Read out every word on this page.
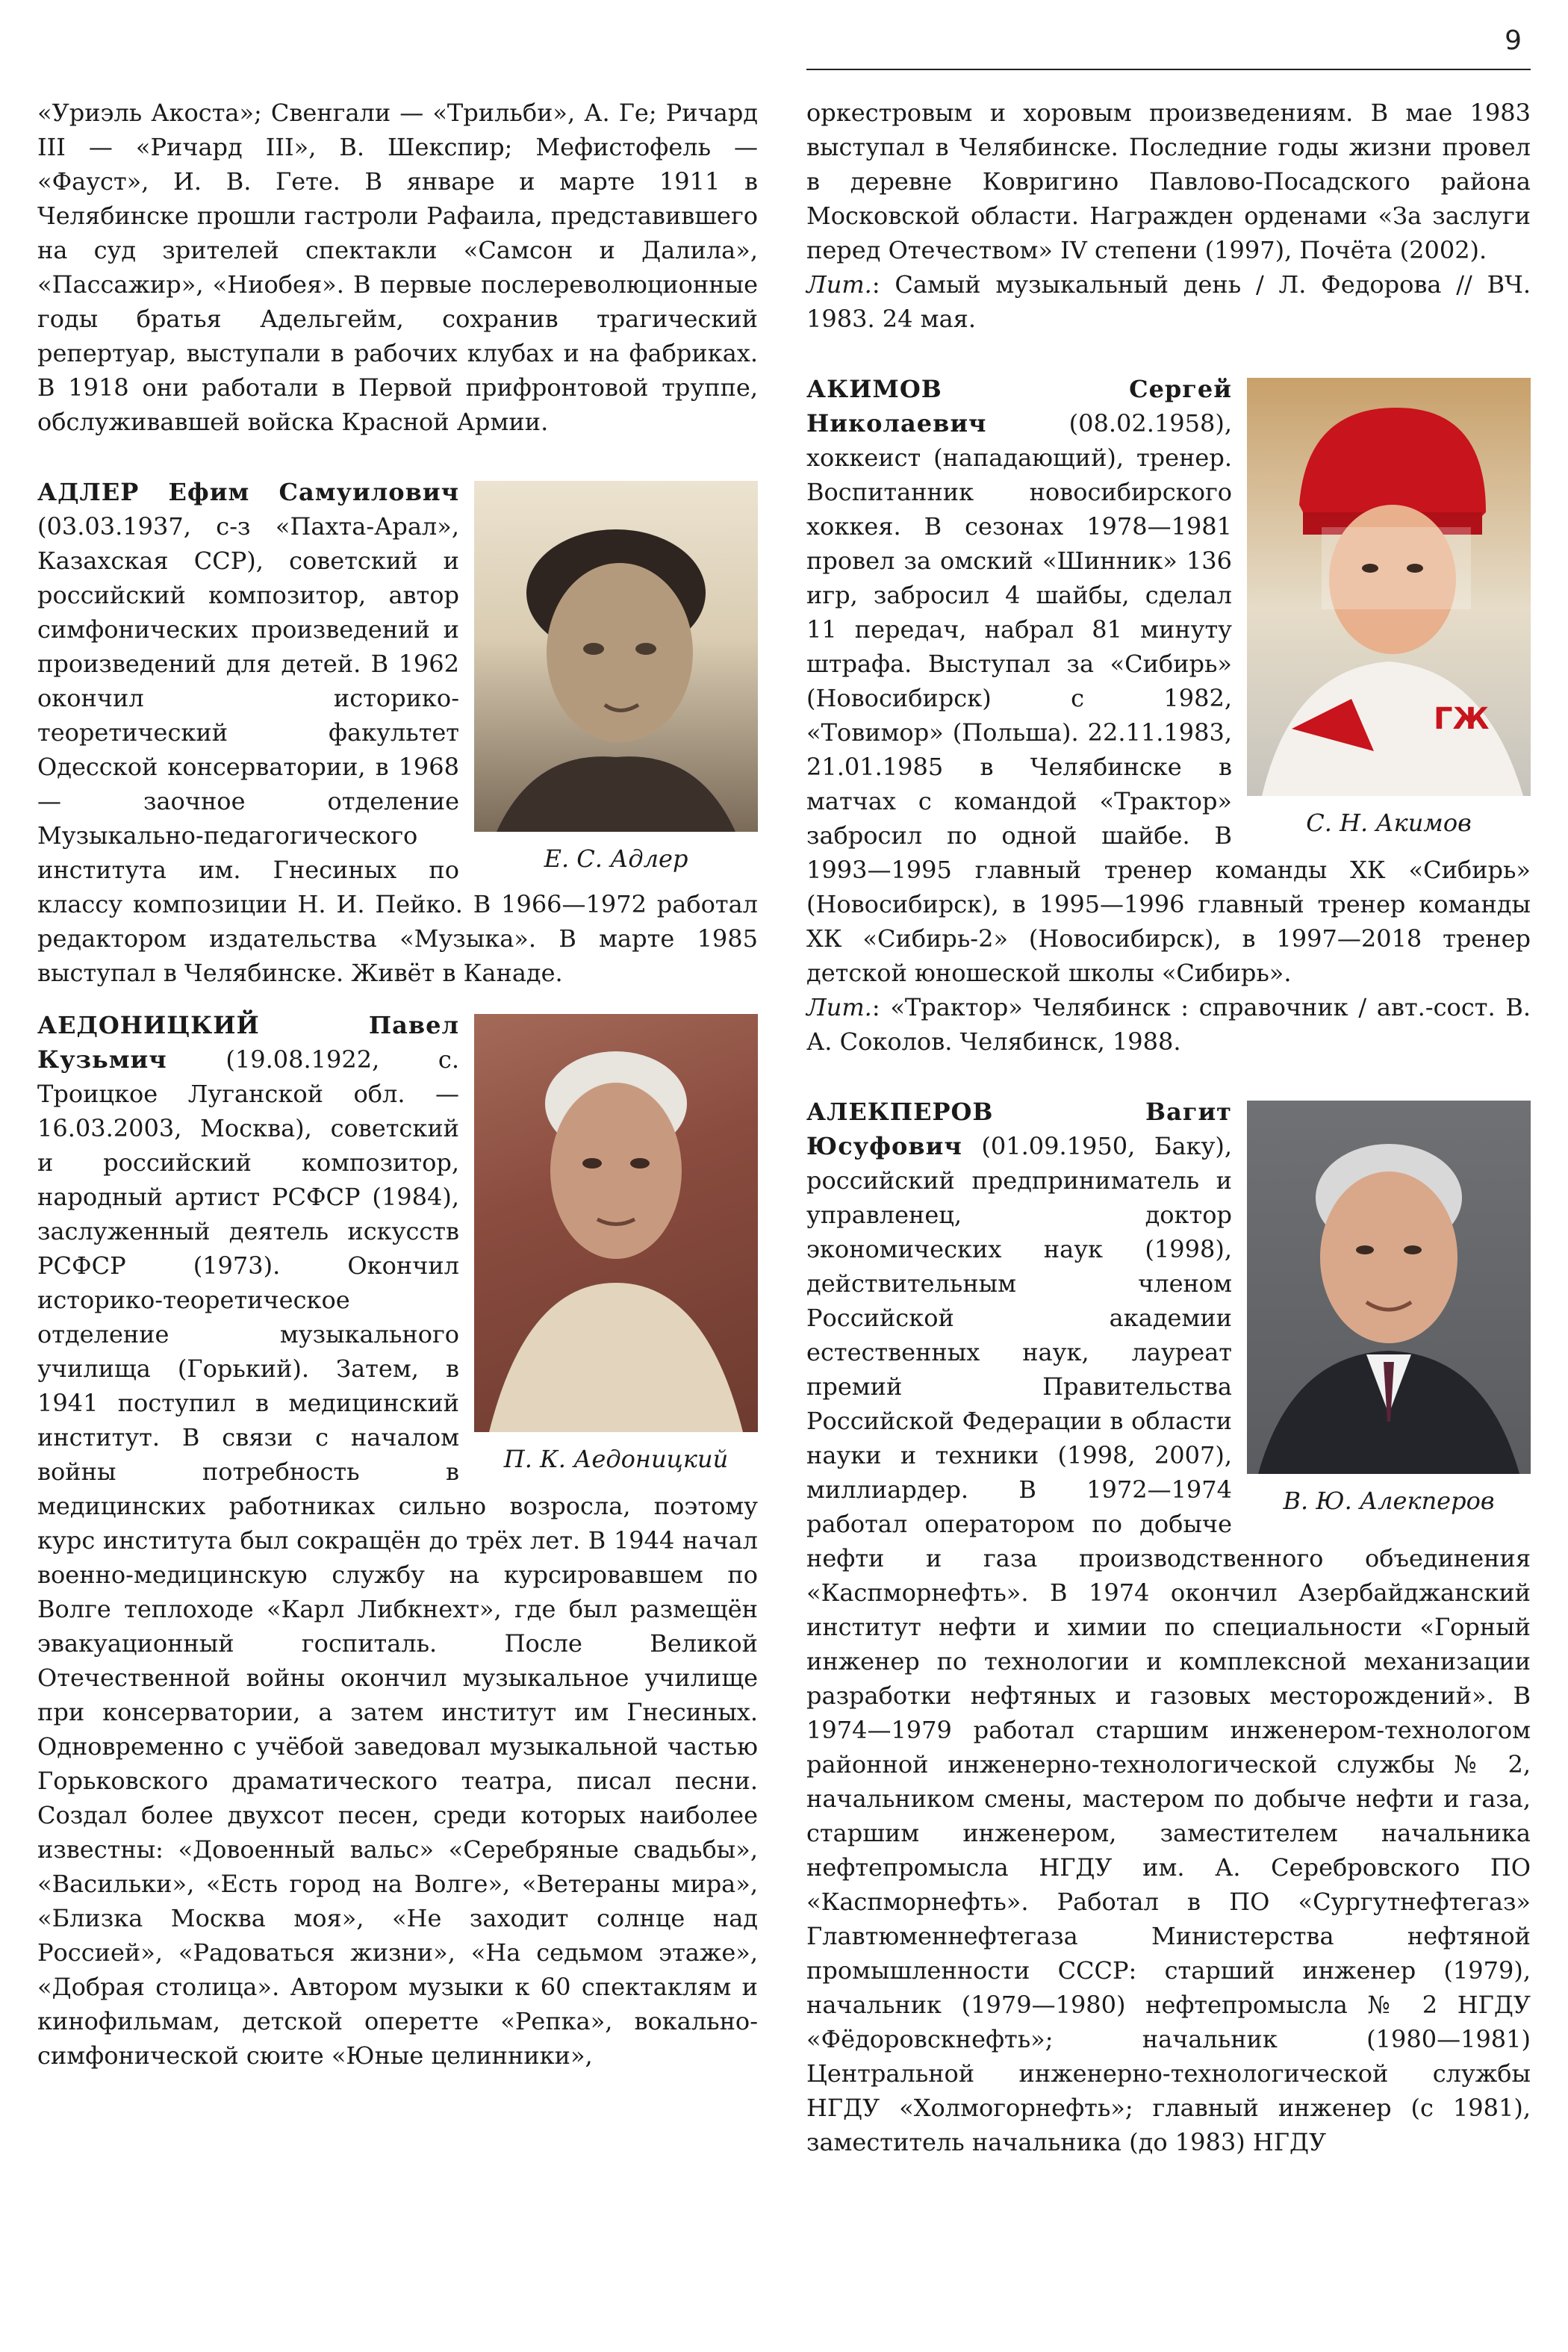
9

«Уриэль Акоста»; Свенгали — «Трильби», А. Ге; Ричард III — «Ричард III», В. Шекспир; Мефистофель — «Фауст», И. В. Гете. В январе и марте 1911 в Челябинске прошли гастроли Рафаила, представившего на суд зрителей спектакли «Самсон и Далила», «Пассажир», «Ниобея». В первые послереволюционные годы братья Адельгейм, сохранив трагический репертуар, выступали в рабочих клубах и на фабриках. В 1918 они работали в Первой прифронтовой труппе, обслуживавшей войска Красной Армии.

Е. С. Адлер

АДЛЕР Ефим Самуилович (03.03.1937, с-з «Пахта-Арал», Казахская ССР), советский и российский композитор, автор симфонических произведений и произведений для детей. В 1962 окончил историко-теоретический факультет Одесской консерватории, в 1968 — заочное отделение Музыкально-педагогического института им. Гнесиных по классу композиции Н. И. Пейко. В 1966—1972 работал редактором издательства «Музыка». В марте 1985 выступал в Челябинске. Живёт в Канаде.

П. К. Аедоницкий

АЕДОНИЦКИЙ Павел Кузьмич (19.08.1922, с. Троицкое Луганской обл. — 16.03.2003, Москва), советский и российский композитор, народный артист РСФСР (1984), заслуженный деятель искусств РСФСР (1973). Окончил историко-теоретическое отделение музыкального училища (Горький). Затем, в 1941 поступил в медицинский институт. В связи с началом войны потребность в медицинских работниках сильно возросла, поэтому курс института был сокращён до трёх лет. В 1944 начал военно-медицинскую службу на курсировавшем по Волге теплоходе «Карл Либкнехт», где был размещён эвакуационный госпиталь. После Великой Отечественной войны окончил музыкальное училище при консерватории, а затем институт им Гнесиных. Одновременно с учёбой заведовал музыкальной частью Горьковского драматического театра, писал песни. Создал более двухсот песен, среди которых наиболее известны: «Довоенный вальс» «Серебряные свадьбы», «Васильки», «Есть город на Волге», «Ветераны мира», «Близка Москва моя», «Не заходит солнце над Россией», «Радоваться жизни», «На седьмом этаже», «Добрая столица». Автором музыки к 60 спектаклям и кинофильмам, детской оперетте «Репка», вокально-симфонической сюите «Юные целинники»,

оркестровым и хоровым произведениям. В мае 1983 выступал в Челябинске. Последние годы жизни провел в деревне Ковригино Павлово-Посадского района Московской области. Награжден орденами «За заслуги перед Отечеством» IV степени (1997), Почёта (2002).

Лит.: Самый музыкальный день / Л. Федорова // ВЧ. 1983. 24 мая.

ГЖ
С. Н. Акимов

АКИМОВ Сергей Николаевич (08.02.1958), хоккеист (нападающий), тренер. Воспитанник новосибирского хоккея. В сезонах 1978—1981 провел за омский «Шинник» 136 игр, забросил 4 шайбы, сделал 11 передач, набрал 81 минуту штрафа. Выступал за «Сибирь» (Новосибирск) с 1982, «Товимор» (Польша). 22.11.1983, 21.01.1985 в Челябинске в матчах с командой «Трактор» забросил по одной шайбе. В 1993—1995 главный тренер команды ХК «Сибирь» (Новосибирск), в 1995—1996 главный тренер команды ХК «Сибирь-2» (Новосибирск), в 1997—2018 тренер детской юношеской школы «Сибирь».

Лит.: «Трактор» Челябинск : справочник / авт.-сост. В. А. Соколов. Челябинск, 1988.

В. Ю. Алекперов

АЛЕКПЕРОВ Вагит Юсуфович (01.09.1950, Баку), российский предприниматель и управленец, доктор экономических наук (1998), действительным членом Российской академии естественных наук, лауреат премий Правительства Российской Федерации в области науки и техники (1998, 2007), миллиардер. В 1972—1974 работал оператором по добыче нефти и газа производственного объединения «Каспморнефть». В 1974 окончил Азербайджанский институт нефти и химии по специальности «Горный инженер по технологии и комплексной механизации разработки нефтяных и газовых месторождений». В 1974—1979 работал старшим инженером-технологом районной инженерно-технологической службы № 2, начальником смены, мастером по добыче нефти и газа, старшим инженером, заместителем начальника нефтепромысла НГДУ им. А. Серебровского ПО «Каспморнефть». Работал в ПО «Сургутнефтегаз» Главтюменнефтегаза Министерства нефтяной промышленности СССР: старший инженер (1979), начальник (1979—1980) нефтепромысла № 2 НГДУ «Фёдоровскнефть»; начальник (1980—1981) Центральной инженерно-технологической службы НГДУ «Холмогорнефть»; главный инженер (с 1981), заместитель начальника (до 1983) НГДУ
